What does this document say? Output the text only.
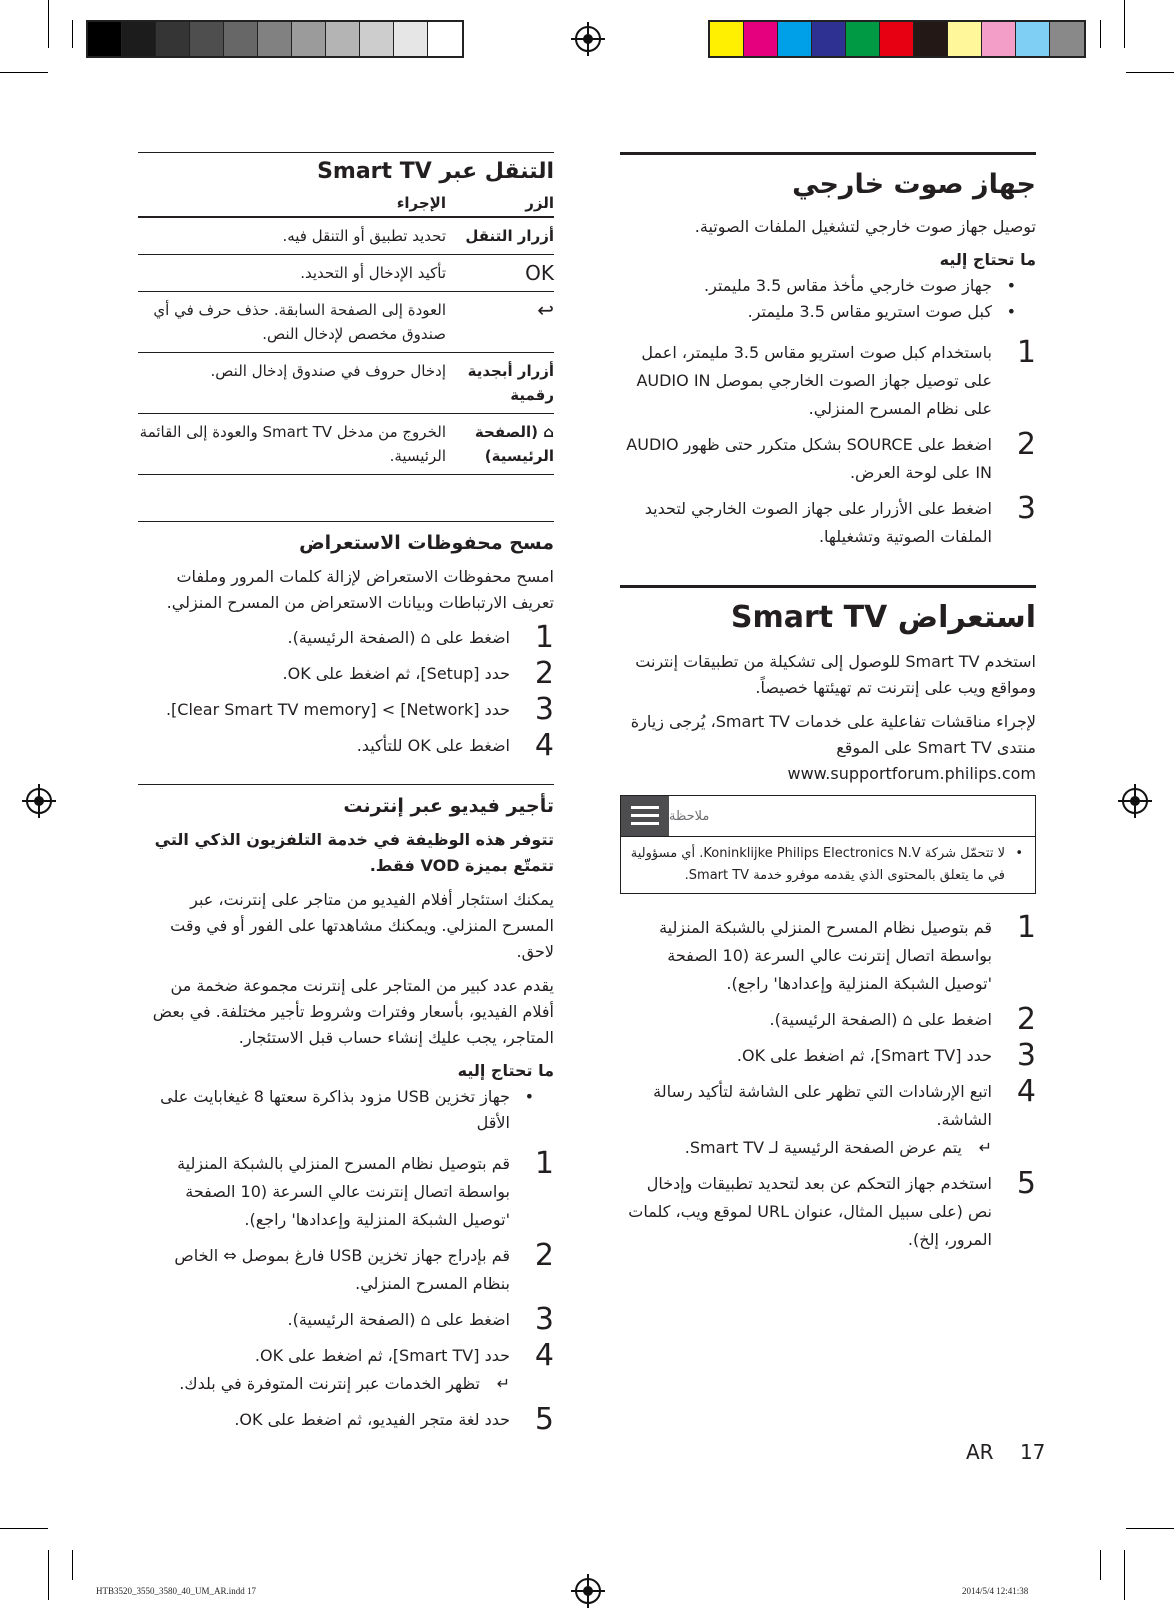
جهاز صوت خارجي

توصيل جهاز صوت خارجي لتشغيل الملفات الصوتية.

ما تحتاج إليه
• جهاز صوت خارجي مأخذ مقاس 3.5 مليمتر.
• كبل صوت استريو مقاس 3.5 مليمتر.
1
باستخدام كبل صوت استريو مقاس 3.5 مليمتر، اعمل على توصيل جهاز الصوت الخارجي بموصل AUDIO IN على نظام المسرح المنزلي.
2
اضغط على SOURCE بشكل متكرر حتى ظهور AUDIO IN على لوحة العرض.
3
اضغط على الأزرار على جهاز الصوت الخارجي لتحديد الملفات الصوتية وتشغيلها.
استعراض Smart TV

استخدم Smart TV للوصول إلى تشكيلة من تطبيقات إنترنت ومواقع ويب على إنترنت تم تهيئتها خصيصاً.

لإجراء مناقشات تفاعلية على خدمات Smart TV، يُرجى زيارة منتدى Smart TV على الموقع www.supportforum.philips.com

ملاحظة
• لا تتحمّل شركة Koninklijke Philips Electronics N.V. أي مسؤولية في ما يتعلق بالمحتوى الذي يقدمه موفرو خدمة Smart TV.
1
قم بتوصيل نظام المسرح المنزلي بالشبكة المنزلية بواسطة اتصال إنترنت عالي السرعة (10 الصفحة 'توصيل الشبكة المنزلية وإعدادها' راجع).
2
اضغط على ⌂ (الصفحة الرئيسية).
3
حدد [Smart TV]، ثم اضغط على OK.
4
اتبع الإرشادات التي تظهر على الشاشة لتأكيد رسالة الشاشة.
↵
يتم عرض الصفحة الرئيسية لـ Smart TV.
5
استخدم جهاز التحكم عن بعد لتحديد تطبيقات وإدخال نص (على سبيل المثال، عنوان URL لموقع ويب، كلمات المرور، إلخ).
التنقل عبر Smart TV
الزر	الإجراء
أزرار التنقل	تحديد تطبيق أو التنقل فيه.
OK	تأكيد الإدخال أو التحديد.
↩	العودة إلى الصفحة السابقة. حذف حرف في أي صندوق مخصص لإدخال النص.
أزرار أبجدية رقمية	إدخال حروف في صندوق إدخال النص.
⌂ (الصفحة الرئيسية)	الخروج من مدخل Smart TV والعودة إلى القائمة الرئيسية.
مسح محفوظات الاستعراض

امسح محفوظات الاستعراض لإزالة كلمات المرور وملفات تعريف الارتباطات وبيانات الاستعراض من المسرح المنزلي.

1
اضغط على ⌂ (الصفحة الرئيسية).
2
حدد [Setup]، ثم اضغط على OK.
3
حدد [Network] > [Clear Smart TV memory].
4
اضغط على OK للتأكيد.
تأجير فيديو عبر إنترنت

تتوفر هذه الوظيفة في خدمة التلفزيون الذكي التي تتمتّع بميزة VOD فقط.

يمكنك استئجار أفلام الفيديو من متاجر على إنترنت، عبر المسرح المنزلي. ويمكنك مشاهدتها على الفور أو في وقت لاحق.

يقدم عدد كبير من المتاجر على إنترنت مجموعة ضخمة من أفلام الفيديو، بأسعار وفترات وشروط تأجير مختلفة. في بعض المتاجر، يجب عليك إنشاء حساب قبل الاستئجار.

ما تحتاج إليه
• جهاز تخزين USB مزود بذاكرة سعتها 8 غيغابايت على الأقل
1
قم بتوصيل نظام المسرح المنزلي بالشبكة المنزلية بواسطة اتصال إنترنت عالي السرعة (10 الصفحة 'توصيل الشبكة المنزلية وإعدادها' راجع).
2
قم بإدراج جهاز تخزين USB فارغ بموصل ⇔ الخاص بنظام المسرح المنزلي.
3
اضغط على ⌂ (الصفحة الرئيسية).
4
حدد [Smart TV]، ثم اضغط على OK.
↵
تظهر الخدمات عبر إنترنت المتوفرة في بلدك.
5
حدد لغة متجر الفيديو، ثم اضغط على OK.
AR 17
HTB3520_3550_3580_40_UM_AR.indd 17	2014/5/4 12:41:38
